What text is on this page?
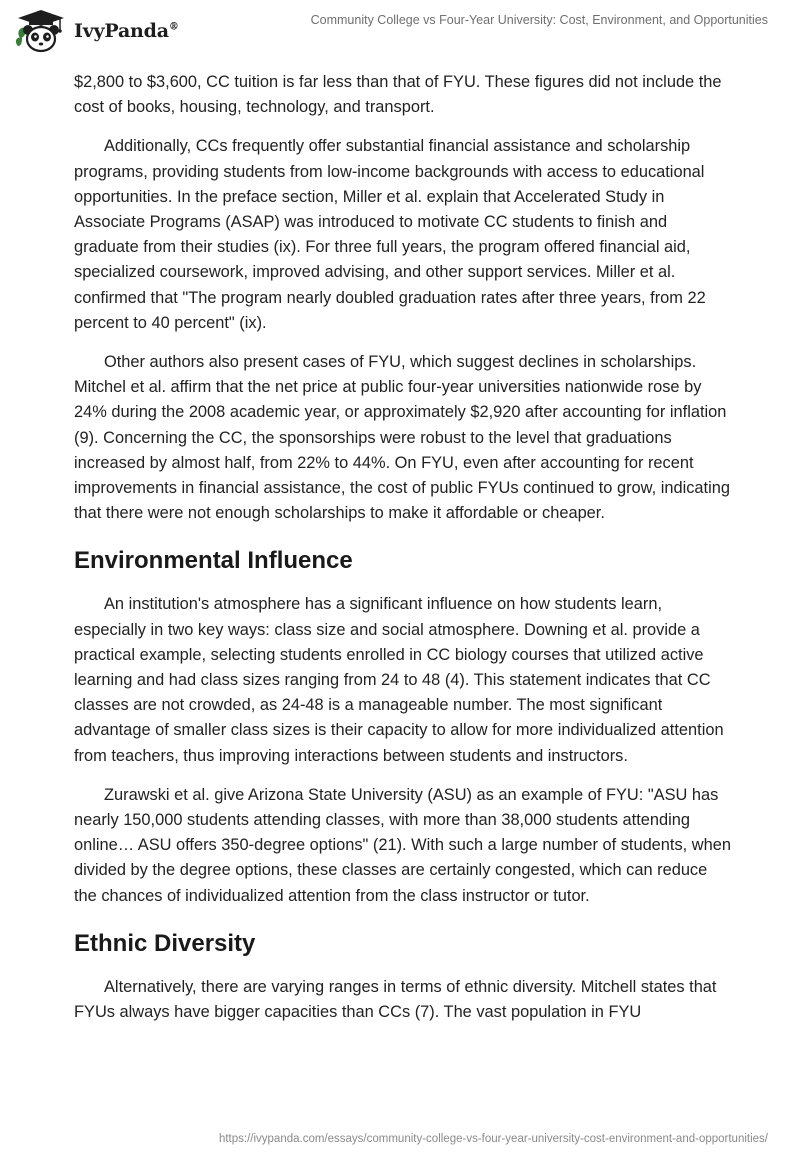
IvyPanda®
Community College vs Four-Year University: Cost, Environment, and Opportunities

$2,800 to $3,600, CC tuition is far less than that of FYU. These figures did not include the cost of books, housing, technology, and transport.

Additionally, CCs frequently offer substantial financial assistance and scholarship programs, providing students from low-income backgrounds with access to educational opportunities. In the preface section, Miller et al. explain that Accelerated Study in Associate Programs (ASAP) was introduced to motivate CC students to finish and graduate from their studies (ix). For three full years, the program offered financial aid, specialized coursework, improved advising, and other support services. Miller et al. confirmed that "The program nearly doubled graduation rates after three years, from 22 percent to 40 percent" (ix).

Other authors also present cases of FYU, which suggest declines in scholarships. Mitchel et al. affirm that the net price at public four-year universities nationwide rose by 24% during the 2008 academic year, or approximately $2,920 after accounting for inflation (9). Concerning the CC, the sponsorships were robust to the level that graduations increased by almost half, from 22% to 44%. On FYU, even after accounting for recent improvements in financial assistance, the cost of public FYUs continued to grow, indicating that there were not enough scholarships to make it affordable or cheaper.

Environmental Influence

An institution's atmosphere has a significant influence on how students learn, especially in two key ways: class size and social atmosphere. Downing et al. provide a practical example, selecting students enrolled in CC biology courses that utilized active learning and had class sizes ranging from 24 to 48 (4). This statement indicates that CC classes are not crowded, as 24-48 is a manageable number. The most significant advantage of smaller class sizes is their capacity to allow for more individualized attention from teachers, thus improving interactions between students and instructors.

Zurawski et al. give Arizona State University (ASU) as an example of FYU: "ASU has nearly 150,000 students attending classes, with more than 38,000 students attending online… ASU offers 350-degree options" (21). With such a large number of students, when divided by the degree options, these classes are certainly congested, which can reduce the chances of individualized attention from the class instructor or tutor.

Ethnic Diversity

Alternatively, there are varying ranges in terms of ethnic diversity. Mitchell states that FYUs always have bigger capacities than CCs (7). The vast population in FYU

https://ivypanda.com/essays/community-college-vs-four-year-university-cost-environment-and-opportunities/
